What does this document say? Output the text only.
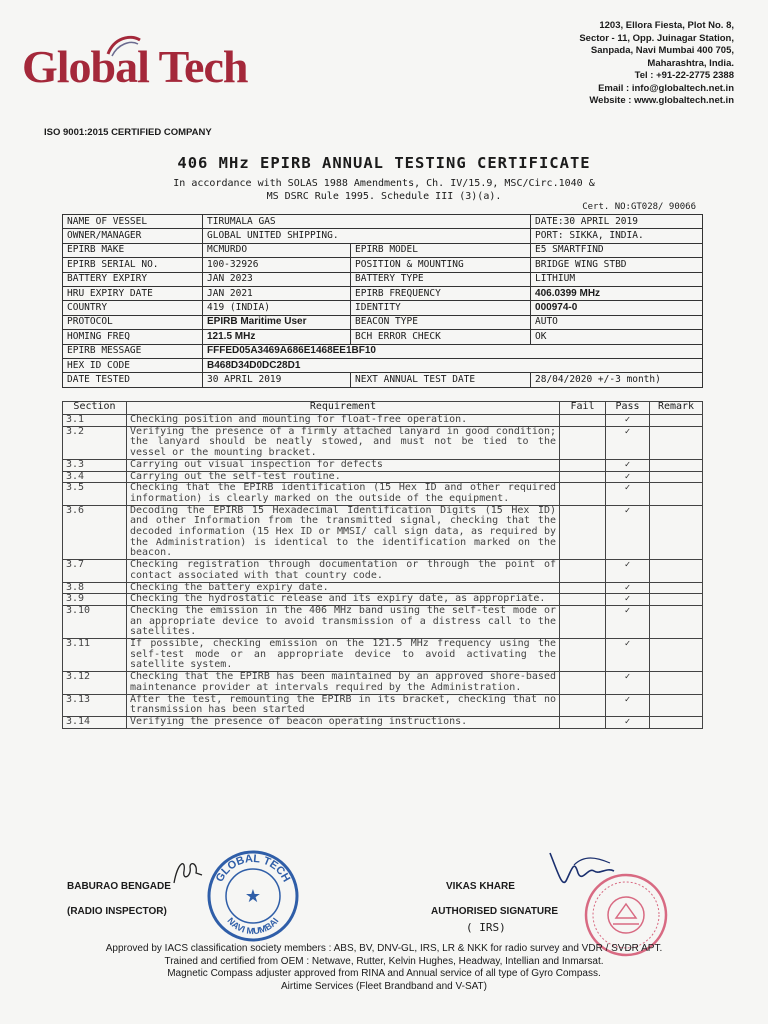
Global Tech
ISO 9001:2015 CERTIFIED COMPANY
1203, Ellora Fiesta, Plot No. 8,
Sector - 11, Opp. Juinagar Station,
Sanpada, Navi Mumbai 400 705,
Maharashtra, India.
Tel : +91-22-2775 2388
Email : info@globaltech.net.in
Website : www.globaltech.net.in
406 MHz EPIRB ANNUAL TESTING CERTIFICATE
In accordance with SOLAS 1988 Amendments, Ch. IV/15.9, MSC/Circ.1040 &
MS DSRC Rule 1995. Schedule III (3)(a).
Cert. NO:GT028/ 90066
NAME OF VESSEL	TIRUMALA GAS		DATE:30 APRIL 2019
OWNER/MANAGER	GLOBAL UNITED SHIPPING.		PORT: SIKKA, INDIA.
EPIRB MAKE	MCMURDO	EPIRB MODEL	E5 SMARTFIND
EPIRB SERIAL NO.	100-32926	POSITION & MOUNTING	BRIDGE WING STBD
BATTERY EXPIRY	JAN 2023	BATTERY TYPE	LITHIUM
HRU EXPIRY DATE	JAN 2021	EPIRB FREQUENCY	406.0399 MHz
COUNTRY	419 (INDIA)	IDENTITY	000974-0
PROTOCOL	EPIRB Maritime User	BEACON TYPE	AUTO
HOMING FREQ	121.5 MHz	BCH ERROR CHECK	OK
EPIRB MESSAGE	FFFED05A3469A686E1468EE1BF10		
HEX ID CODE	B468D34D0DC28D1		
DATE TESTED	30 APRIL 2019	NEXT ANNUAL TEST DATE	28/04/2020 +/-3 month)
Section	Requirement	Fail	Pass	Remark
3.1	Checking position and mounting for float-free operation.		✓	
3.2	Verifying the presence of a firmly attached lanyard in good condition; the lanyard should be neatly stowed, and must not be tied to the vessel or the mounting bracket.		✓	
3.3	Carrying out visual inspection for defects		✓	
3.4	Carrying out the self-test routine.		✓	
3.5	Checking that the EPIRB identification (15 Hex ID and other required information) is clearly marked on the outside of the equipment.		✓	
3.6	Decoding the EPIRB 15 Hexadecimal Identification Digits (15 Hex ID) and other Information from the transmitted signal, checking that the decoded information (15 Hex ID or MMSI/ call sign data, as required by the Administration) is identical to the identification marked on the beacon.		✓	
3.7	Checking registration through documentation or through the point of contact associated with that country code.		✓	
3.8	Checking the battery expiry date.		✓	
3.9	Checking the hydrostatic release and its expiry date, as appropriate.		✓	
3.10	Checking the emission in the 406 MHz band using the self-test mode or an appropriate device to avoid transmission of a distress call to the satellites.		✓	
3.11	If possible, checking emission on the 121.5 MHz frequency using the self-test mode or an appropriate device to avoid activating the satellite system.		✓	
3.12	Checking that the EPIRB has been maintained by an approved shore-based maintenance provider at intervals required by the Administration.		✓	
3.13	After the test, remounting the EPIRB in its bracket, checking that no transmission has been started		✓	
3.14	Verifying the presence of beacon operating instructions.		✓	
BABURAO BENGADE
(RADIO INSPECTOR)
GLOBAL TECH
NAVI MUMBAI
★	VIKAS KHARE
AUTHORISED SIGNATURE
( IRS)
Approved by IACS classification society members : ABS, BV, DNV-GL, IRS, LR & NKK for radio survey and VDR / SVDR APT.
Trained and certified from OEM : Netwave, Rutter, Kelvin Hughes, Headway, Intellian and Inmarsat.
Magnetic Compass adjuster approved from RINA and Annual service of all type of Gyro Compass.
Airtime Services (Fleet Brandband and V-SAT)
